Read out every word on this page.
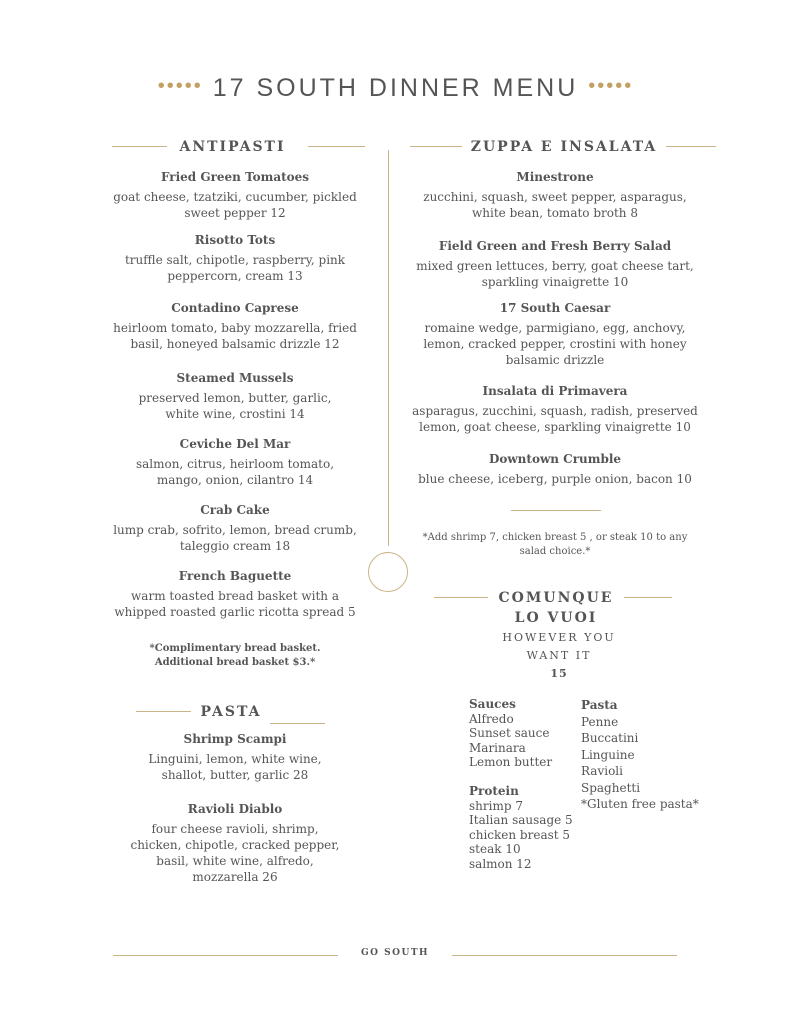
••••• 17 SOUTH DINNER MENU •••••
ANTIPASTI
Fried Green Tomatoes
goat cheese, tzatziki, cucumber, pickled sweet pepper 12
Risotto Tots
truffle salt, chipotle, raspberry, pink peppercorn, cream 13
Contadino Caprese
heirloom tomato, baby mozzarella, fried basil, honeyed balsamic drizzle 12
Steamed Mussels
preserved lemon, butter, garlic, white wine, crostini 14
Ceviche Del Mar
salmon, citrus, heirloom tomato, mango, onion, cilantro 14
Crab Cake
lump crab, sofrito, lemon, bread crumb, taleggio cream 18
French Baguette
warm toasted bread basket with a whipped roasted garlic ricotta spread 5
*Complimentary bread basket.
Additional bread basket $3.*
PASTA
Shrimp Scampi
Linguini, lemon, white wine, shallot, butter, garlic 28
Ravioli Diablo
four cheese ravioli, shrimp, chicken, chipotle, cracked pepper, basil, white wine, alfredo, mozzarella 26
ZUPPA E INSALATA
Minestrone
zucchini, squash, sweet pepper, asparagus, white bean, tomato broth 8
Field Green and Fresh Berry Salad
mixed green lettuces, berry, goat cheese tart, sparkling vinaigrette 10
17 South Caesar
romaine wedge, parmigiano, egg, anchovy, lemon, cracked pepper, crostini with honey balsamic drizzle
Insalata di Primavera
asparagus, zucchini, squash, radish, preserved lemon, goat cheese, sparkling vinaigrette 10
Downtown Crumble
blue cheese, iceberg, purple onion, bacon 10
*Add shrimp 7, chicken breast 5 , or steak 10 to any salad choice.*
COMUNQUE
LO VUOI
HOWEVER YOU
WANT IT
15
Sauces
Alfredo
Sunset sauce
Marinara
Lemon butter
Protein
shrimp 7
Italian sausage 5
chicken breast 5
steak 10
salmon 12
Pasta
Penne
Buccatini
Linguine
Ravioli
Spaghetti
*Gluten free pasta*
GO SOUTH
